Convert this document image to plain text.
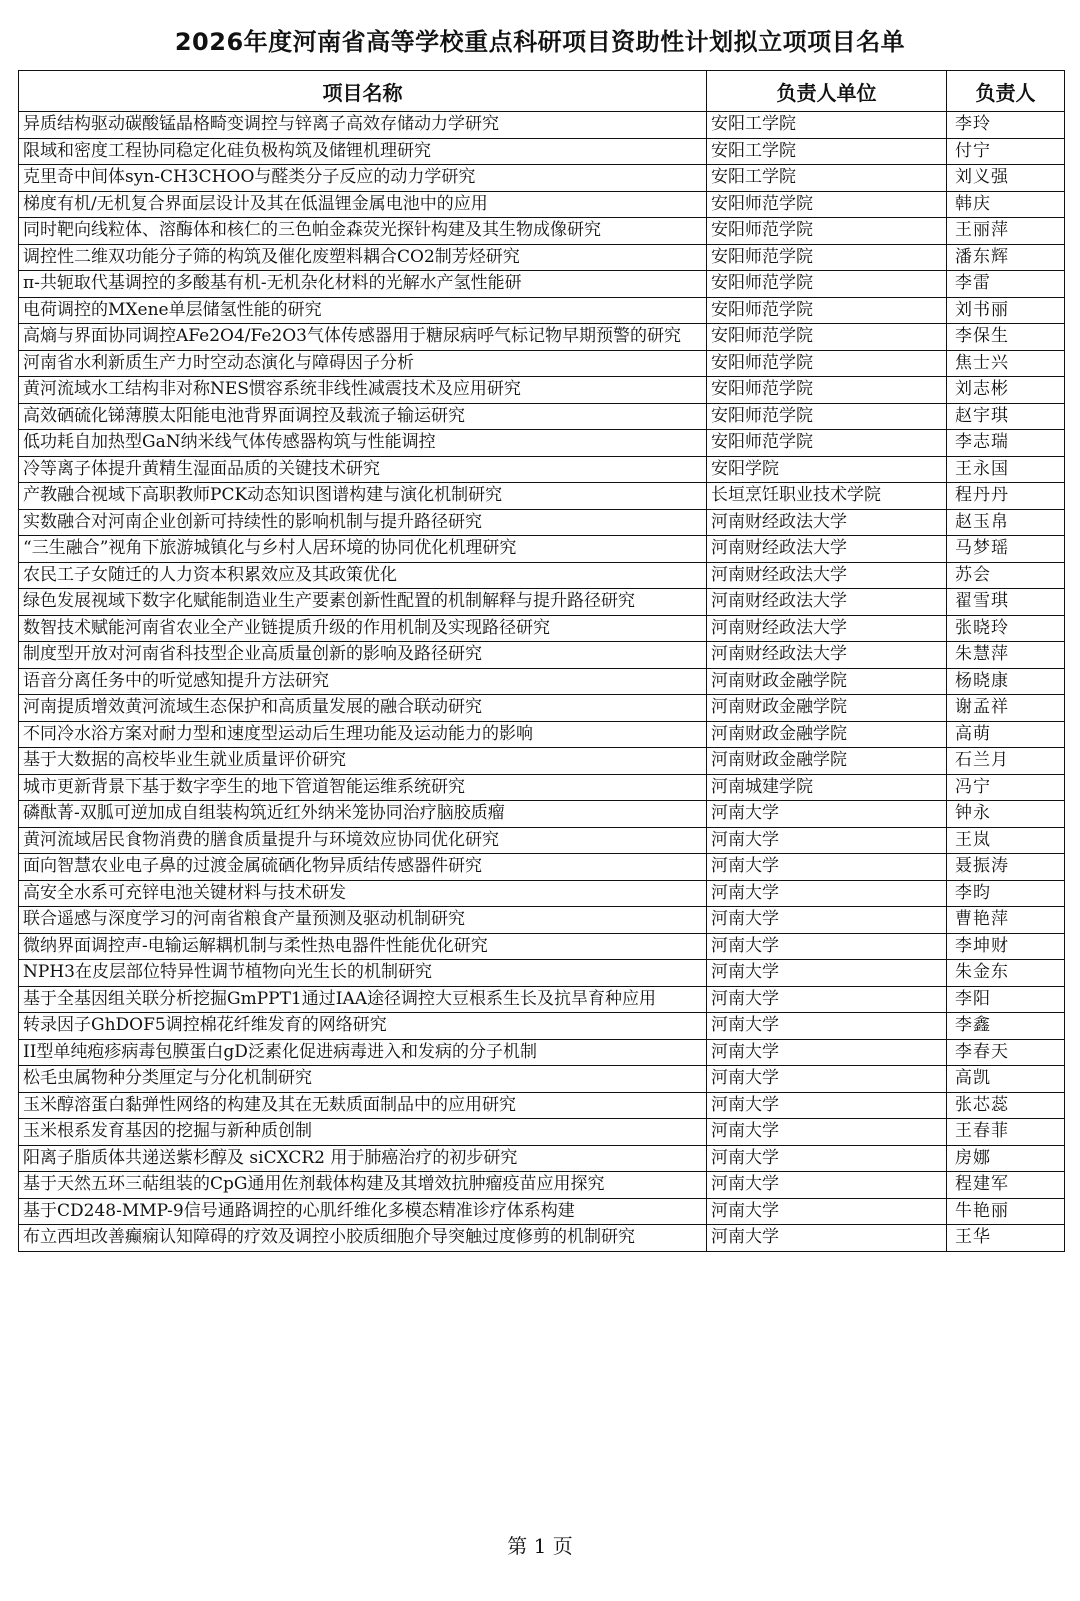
2026年度河南省高等学校重点科研项目资助性计划拟立项项目名单
项目名称	负责人单位	负责人
异质结构驱动碳酸锰晶格畸变调控与锌离子高效存储动力学研究	安阳工学院	李玲
限域和密度工程协同稳定化硅负极构筑及储锂机理研究	安阳工学院	付宁
克里奇中间体syn-CH3CHOO与醛类分子反应的动力学研究	安阳工学院	刘义强
梯度有机/无机复合界面层设计及其在低温锂金属电池中的应用	安阳师范学院	韩庆
同时靶向线粒体、溶酶体和核仁的三色帕金森荧光探针构建及其生物成像研究	安阳师范学院	王丽萍
调控性二维双功能分子筛的构筑及催化废塑料耦合CO2制芳烃研究	安阳师范学院	潘东辉
π-共轭取代基调控的多酸基有机-无机杂化材料的光解水产氢性能研	安阳师范学院	李雷
电荷调控的MXene单层储氢性能的研究	安阳师范学院	刘书丽
高熵与界面协同调控AFe2O4/Fe2O3气体传感器用于糖尿病呼气标记物早期预警的研究	安阳师范学院	李保生
河南省水利新质生产力时空动态演化与障碍因子分析	安阳师范学院	焦士兴
黄河流域水工结构非对称NES惯容系统非线性减震技术及应用研究	安阳师范学院	刘志彬
高效硒硫化锑薄膜太阳能电池背界面调控及载流子输运研究	安阳师范学院	赵宇琪
低功耗自加热型GaN纳米线气体传感器构筑与性能调控	安阳师范学院	李志瑞
冷等离子体提升黄精生湿面品质的关键技术研究	安阳学院	王永国
产教融合视域下高职教师PCK动态知识图谱构建与演化机制研究	长垣烹饪职业技术学院	程丹丹
实数融合对河南企业创新可持续性的影响机制与提升路径研究	河南财经政法大学	赵玉帛
“三生融合”视角下旅游城镇化与乡村人居环境的协同优化机理研究	河南财经政法大学	马梦瑶
农民工子女随迁的人力资本积累效应及其政策优化	河南财经政法大学	苏会
绿色发展视域下数字化赋能制造业生产要素创新性配置的机制解释与提升路径研究	河南财经政法大学	翟雪琪
数智技术赋能河南省农业全产业链提质升级的作用机制及实现路径研究	河南财经政法大学	张晓玲
制度型开放对河南省科技型企业高质量创新的影响及路径研究	河南财经政法大学	朱慧萍
语音分离任务中的听觉感知提升方法研究	河南财政金融学院	杨晓康
河南提质增效黄河流域生态保护和高质量发展的融合联动研究	河南财政金融学院	谢孟祥
不同冷水浴方案对耐力型和速度型运动后生理功能及运动能力的影响	河南财政金融学院	高萌
基于大数据的高校毕业生就业质量评价研究	河南财政金融学院	石兰月
城市更新背景下基于数字孪生的地下管道智能运维系统研究	河南城建学院	冯宁
磷酞菁-双胍可逆加成自组装构筑近红外纳米笼协同治疗脑胶质瘤	河南大学	钟永
黄河流域居民食物消费的膳食质量提升与环境效应协同优化研究	河南大学	王岚
面向智慧农业电子鼻的过渡金属硫硒化物异质结传感器件研究	河南大学	聂振涛
高安全水系可充锌电池关键材料与技术研发	河南大学	李昀
联合遥感与深度学习的河南省粮食产量预测及驱动机制研究	河南大学	曹艳萍
微纳界面调控声-电输运解耦机制与柔性热电器件性能优化研究	河南大学	李坤财
NPH3在皮层部位特异性调节植物向光生长的机制研究	河南大学	朱金东
基于全基因组关联分析挖掘GmPPT1通过IAA途径调控大豆根系生长及抗旱育种应用	河南大学	李阳
转录因子GhDOF5调控棉花纤维发育的网络研究	河南大学	李鑫
II型单纯疱疹病毒包膜蛋白gD泛素化促进病毒进入和发病的分子机制	河南大学	李春天
松毛虫属物种分类厘定与分化机制研究	河南大学	高凯
玉米醇溶蛋白黏弹性网络的构建及其在无麸质面制品中的应用研究	河南大学	张芯蕊
玉米根系发育基因的挖掘与新种质创制	河南大学	王春菲
阳离子脂质体共递送紫杉醇及 siCXCR2 用于肺癌治疗的初步研究	河南大学	房娜
基于天然五环三萜组装的CpG通用佐剂载体构建及其增效抗肿瘤疫苗应用探究	河南大学	程建军
基于CD248-MMP-9信号通路调控的心肌纤维化多模态精准诊疗体系构建	河南大学	牛艳丽
布立西坦改善癫痫认知障碍的疗效及调控小胶质细胞介导突触过度修剪的机制研究	河南大学	王华
第 1 页
